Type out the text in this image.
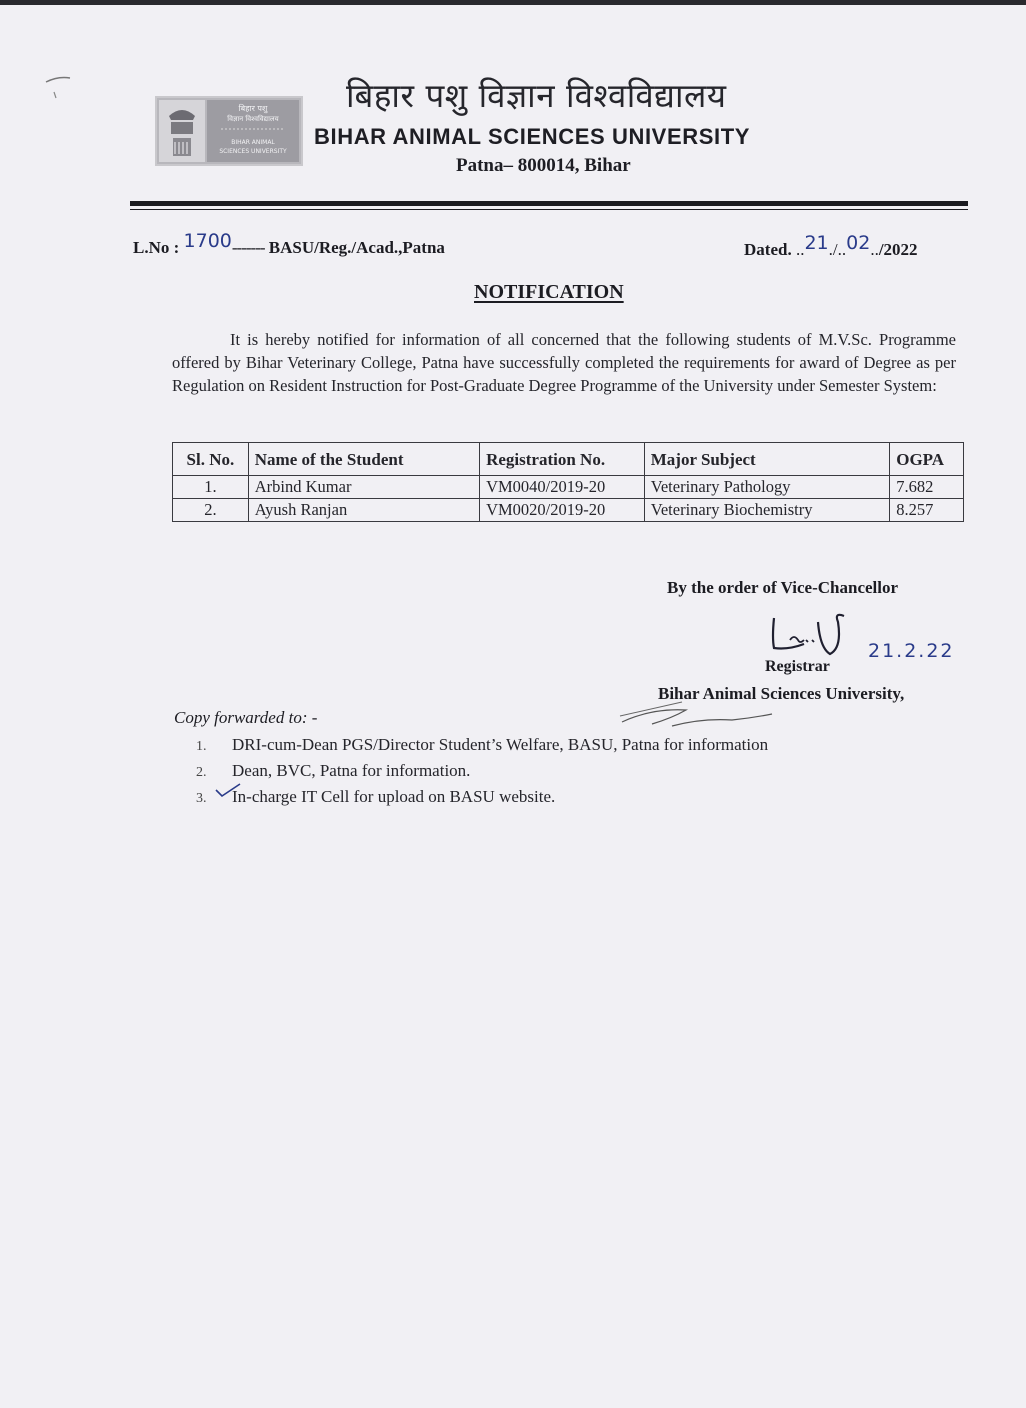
बिहार पशु
विज्ञान विश्वविद्यालय
BIHAR ANIMAL
SCIENCES UNIVERSITY
बिहार पशु विज्ञान विश्वविद्यालय
BIHAR ANIMAL SCIENCES UNIVERSITY
Patna– 800014, Bihar
L.No : 1700------- BASU/Reg./Acad.,Patna	Dated. ..21./..02../2022
NOTIFICATION
It is hereby notified for information of all concerned that the following students of M.V.Sc. Programme offered by Bihar Veterinary College, Patna have successfully completed the requirements for award of Degree as per Regulation on Resident Instruction for Post-Graduate Degree Programme of the University under Semester System:
Sl. No.	Name of the Student	Registration No.	Major Subject	OGPA
1.	Arbind Kumar	VM0040/2019-20	Veterinary Pathology	7.682
2.	Ayush Ranjan	VM0020/2019-20	Veterinary Biochemistry	8.257
By the order of Vice-Chancellor
21.2.22
Registrar
Bihar Animal Sciences University,
Copy forwarded to: -
1. DRI-cum-Dean PGS/Director Student’s Welfare, BASU, Patna for information
2. Dean, BVC, Patna for information.
3. In-charge IT Cell for upload on BASU website.
